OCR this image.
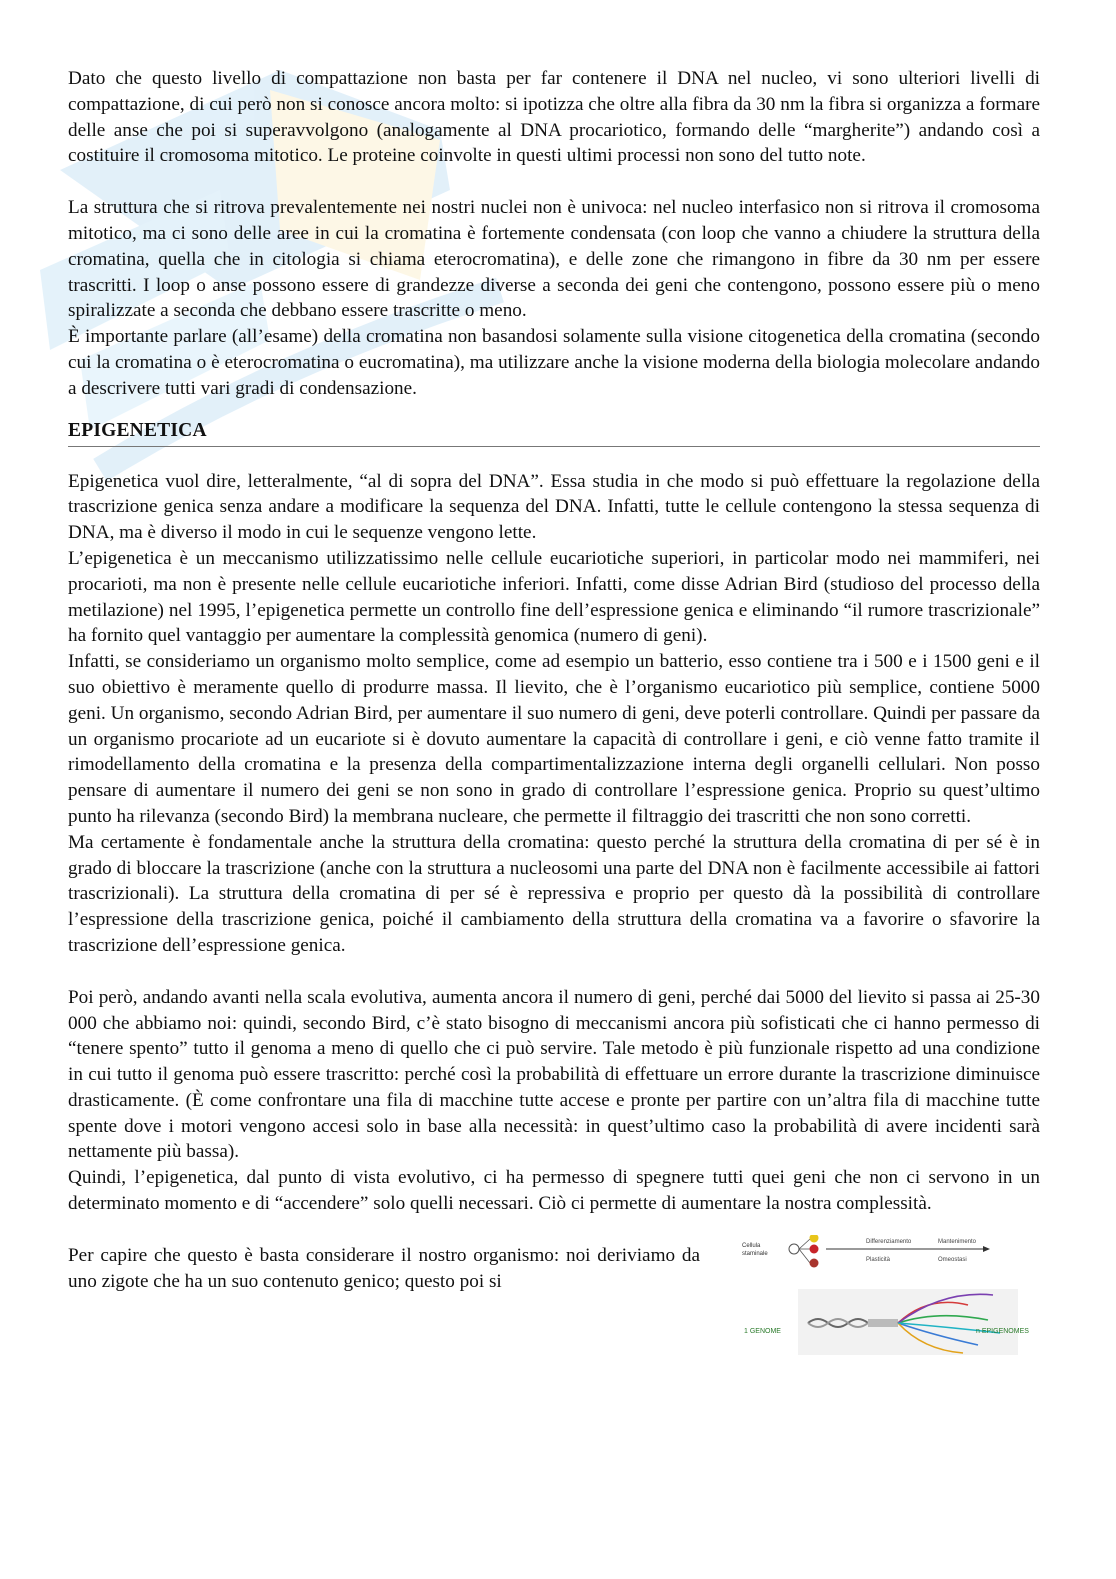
Dato che questo livello di compattazione non basta per far contenere il DNA nel nucleo, vi sono ulteriori livelli di compattazione, di cui però non si conosce ancora molto: si ipotizza che oltre alla fibra da 30 nm la fibra si organizza a formare delle anse che poi si superavvolgono (analogamente al DNA procariotico, formando delle “margherite”) andando così a costituire il cromosoma mitotico. Le proteine coinvolte in questi ultimi processi non sono del tutto note.

La struttura che si ritrova prevalentemente nei nostri nuclei non è univoca: nel nucleo interfasico non si ritrova il cromosoma mitotico, ma ci sono delle aree in cui la cromatina è fortemente condensata (con loop che vanno a chiudere la struttura della cromatina, quella che in citologia si chiama eterocromatina), e delle zone che rimangono in fibre da 30 nm per essere trascritti. I loop o anse possono essere di grandezze diverse a seconda dei geni che contengono, possono essere più o meno spiralizzate a seconda che debbano essere trascritte o meno.

È importante parlare (all’esame) della cromatina non basandosi solamente sulla visione citogenetica della cromatina (secondo cui la cromatina o è eterocromatina o eucromatina), ma utilizzare anche la visione moderna della biologia molecolare andando a descrivere tutti vari gradi di condensazione.

EPIGENETICA

Epigenetica vuol dire, letteralmente, “al di sopra del DNA”. Essa studia in che modo si può effettuare la regolazione della trascrizione genica senza andare a modificare la sequenza del DNA. Infatti, tutte le cellule contengono la stessa sequenza di DNA, ma è diverso il modo in cui le sequenze vengono lette.

L’epigenetica è un meccanismo utilizzatissimo nelle cellule eucariotiche superiori, in particolar modo nei mammiferi, nei procarioti, ma non è presente nelle cellule eucariotiche inferiori. Infatti, come disse Adrian Bird (studioso del processo della metilazione) nel 1995, l’epigenetica permette un controllo fine dell’espressione genica e eliminando “il rumore trascrizionale” ha fornito quel vantaggio per aumentare la complessità genomica (numero di geni).

Infatti, se consideriamo un organismo molto semplice, come ad esempio un batterio, esso contiene tra i 500 e i 1500 geni e il suo obiettivo è meramente quello di produrre massa. Il lievito, che è l’organismo eucariotico più semplice, contiene 5000 geni. Un organismo, secondo Adrian Bird, per aumentare il suo numero di geni, deve poterli controllare. Quindi per passare da un organismo procariote ad un eucariote si è dovuto aumentare la capacità di controllare i geni, e ciò venne fatto tramite il rimodellamento della cromatina e la presenza della compartimentalizzazione interna degli organelli cellulari. Non posso pensare di aumentare il numero dei geni se non sono in grado di controllare l’espressione genica. Proprio su quest’ultimo punto ha rilevanza (secondo Bird) la membrana nucleare, che permette il filtraggio dei trascritti che non sono corretti.

Ma certamente è fondamentale anche la struttura della cromatina: questo perché la struttura della cromatina di per sé è in grado di bloccare la trascrizione (anche con la struttura a nucleosomi una parte del DNA non è facilmente accessibile ai fattori trascrizionali). La struttura della cromatina di per sé è repressiva e proprio per questo dà la possibilità di controllare l’espressione della trascrizione genica, poiché il cambiamento della struttura della cromatina va a favorire o sfavorire la trascrizione dell’espressione genica.

Poi però, andando avanti nella scala evolutiva, aumenta ancora il numero di geni, perché dai 5000 del lievito si passa ai 25-30 000 che abbiamo noi: quindi, secondo Bird, c’è stato bisogno di meccanismi ancora più sofisticati che ci hanno permesso di “tenere spento” tutto il genoma a meno di quello che ci può servire. Tale metodo è più funzionale rispetto ad una condizione in cui tutto il genoma può essere trascritto: perché così la probabilità di effettuare un errore durante la trascrizione diminuisce drasticamente. (È come confrontare una fila di macchine tutte accese e pronte per partire con un’altra fila di macchine tutte spente dove i motori vengono accesi solo in base alla necessità: in quest’ultimo caso la probabilità di avere incidenti sarà nettamente più bassa).

Quindi, l’epigenetica, dal punto di vista evolutivo, ci ha permesso di spegnere tutti quei geni che non ci servono in un determinato momento e di “accendere” solo quelli necessari. Ciò ci permette di aumentare la nostra complessità.

Per capire che questo è basta considerare il nostro organismo: noi deriviamo da uno zigote che ha un suo contenuto genico; questo poi si

Cellula
staminale
Differenziamento	Mantenimento
Plasticità	Omeostasi
1 GENOME	n EPIGENOMES
